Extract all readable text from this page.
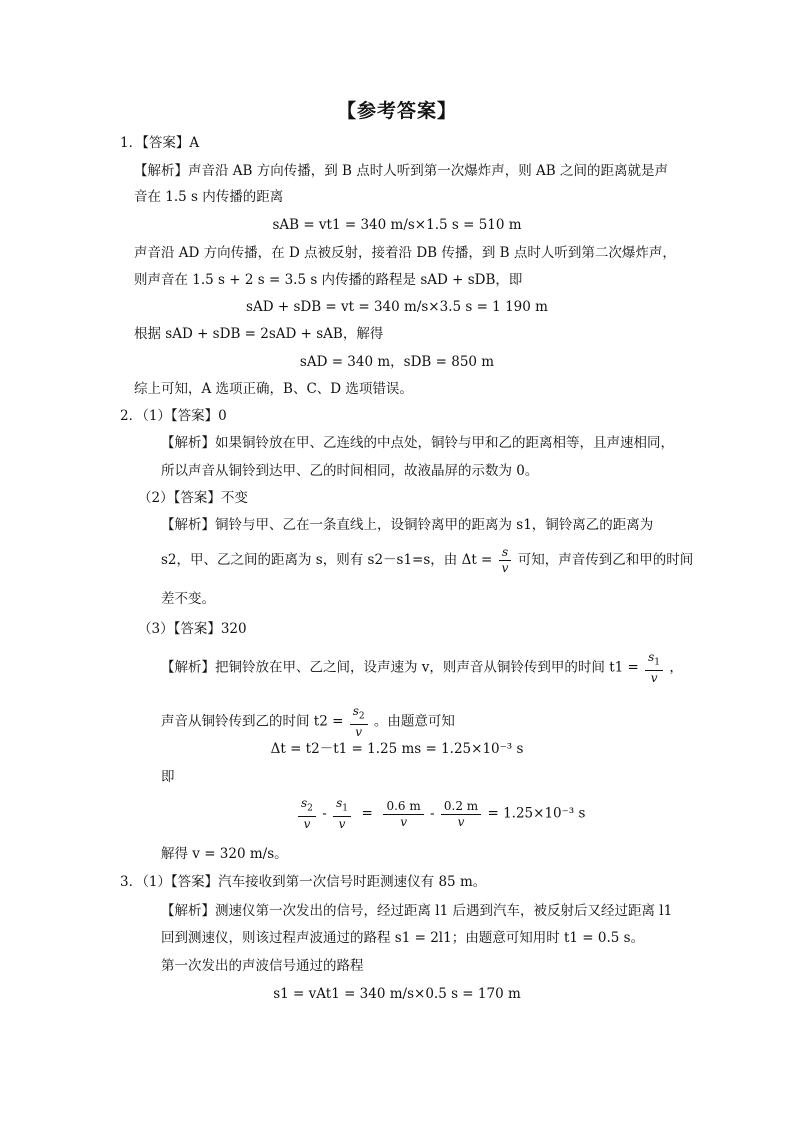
【参考答案】
1．【答案】A
【解析】声音沿 AB 方向传播，到 B 点时人听到第一次爆炸声，则 AB 之间的距离就是声
音在 1.5 s 内传播的距离
sAB = vt1 = 340 m/s×1.5 s = 510 m
声音沿 AD 方向传播，在 D 点被反射，接着沿 DB 传播，到 B 点时人听到第二次爆炸声，
则声音在 1.5 s + 2 s = 3.5 s 内传播的路程是 sAD + sDB，即
sAD + sDB = vt = 340 m/s×3.5 s = 1 190 m
根据 sAD + sDB = 2sAD + sAB，解得
sAD = 340 m，sDB = 850 m
综上可知，A 选项正确，B、C、D 选项错误。
2．（1）【答案】0
【解析】如果铜铃放在甲、乙连线的中点处，铜铃与甲和乙的距离相等，且声速相同，
所以声音从铜铃到达甲、乙的时间相同，故液晶屏的示数为 0。
（2）【答案】不变
【解析】铜铃与甲、乙在一条直线上，设铜铃离甲的距离为 s1，铜铃离乙的距离为
s2，甲、乙之间的距离为 s，则有 s2－s1=s，由 $\Delta t = \frac{s}{v}$ 可知，声音传到乙和甲的时间
差不变。
（3）【答案】320
【解析】把铜铃放在甲、乙之间，设声速为 v，则声音从铜铃传到甲的时间 $t1 = \frac{s_1}{v}$ ，
声音从铜铃传到乙的时间 $t2 = \frac{s_2}{v}$ 。由题意可知
Δt = t2－t1 = 1.25 ms = 1.25×10⁻³ s
即
$\frac{s_2}{v} - \frac{s_1}{v} = \frac{0.6 m}{v} - \frac{0.2 m}{v} = 1.25\times 10^{-3}$ s
解得 v = 320 m/s。
3．（1）【答案】汽车接收到第一次信号时距测速仪有 85 m。
【解析】测速仪第一次发出的信号，经过距离 l1 后遇到汽车，被反射后又经过距离 l1
回到测速仪，则该过程声波通过的路程 s1 = 2l1；由题意可知用时 t1 = 0.5 s。
第一次发出的声波信号通过的路程
s1 = vAt1 = 340 m/s×0.5 s = 170 m
